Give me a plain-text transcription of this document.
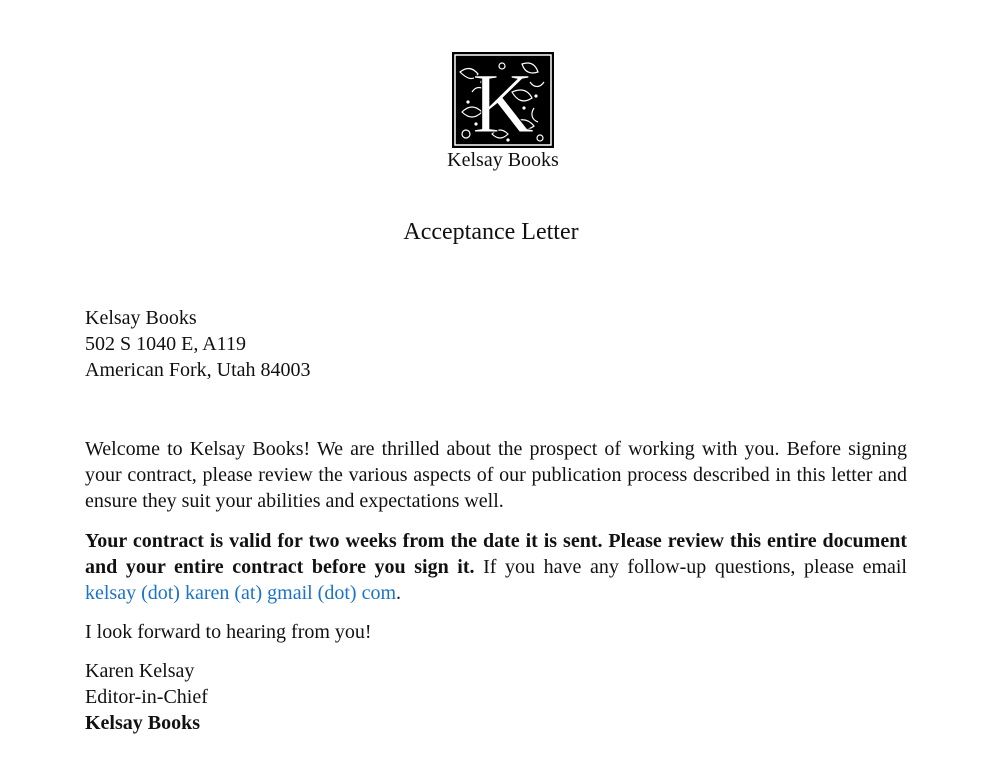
K
Kelsay Books
Acceptance Letter
Kelsay Books
502 S 1040 E, A119
American Fork, Utah 84003
Welcome to Kelsay Books! We are thrilled about the prospect of working with you. Before signing your contract, please review the various aspects of our publication process described in this letter and ensure they suit your abilities and expectations well.
Your contract is valid for two weeks from the date it is sent. Please review this entire document and your entire contract before you sign it. If you have any follow-up questions, please email kelsay (dot) karen (at) gmail (dot) com.
I look forward to hearing from you!
Karen Kelsay
Editor-in-Chief
Kelsay Books
